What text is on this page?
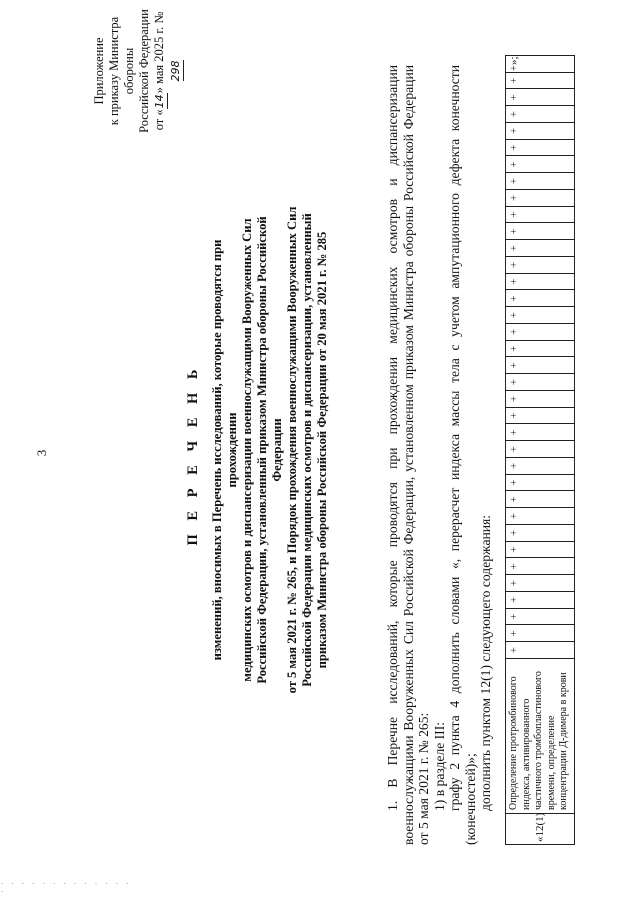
3
Приложение к приказу Министра обороны Российской Федерации от «14» мая 2025 г. № 298
П Е Р Е Ч Е Н Ь изменений, вносимых в Перечень исследований, которые проводятся при прохождении медицинских осмотров и диспансеризации военнослужащими Вооруженных Сил Российской Федерации, установленный приказом Министра обороны Российской Федерации от 5 мая 2021 г. № 265, и Порядок прохождения военнослужащими Вооруженных Сил Российской Федерации медицинских осмотров и диспансеризации, установленный приказом Министра обороны Российской Федерации от 20 мая 2021 г. № 285	1. В Перечне исследований, которые проводятся при прохождении медицинских осмотров и диспансеризации военнослужащими Вооруженных Сил Российской Федерации, установленном приказом Министра обороны Российской Федерации от 5 мая 2021 г. № 265: 1) в разделе III: графу 2 пункта 4 дополнить словами «, перерасчет индекса массы тела с учетом ампутационного дефекта конечности (конечностей)»; дополнить пунктом 12(1) следующего содержания:

«12(1)	Определение протромбинового индекса, активированного частичного тромбопластинового времени, определение концентрации Д-димера в крови	+	+	+	+	+	+	+	+	+	+	+	+	+	+	+	+	+	+	+	+	+	+	+	+	+	+	+	+	+	+	+	+	+	+	+	+»;
· · · · · · · · · · · · · ·
